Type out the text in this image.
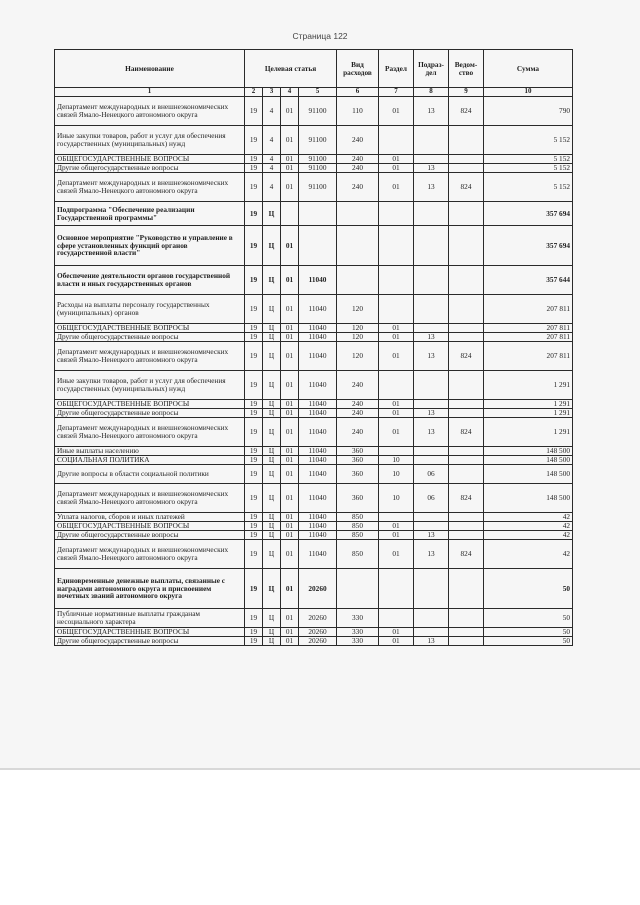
Страница 122
Наименование	Целевая статья				Вид расходов	Раздел	Подраз-дел	Ведом-ство	Сумма
1	2	3	4	5	6	7	8	9	10
Департамент международных и внешнеэкономических связей Ямало-Ненецкого автономного округа	19	4	01	91100	110	01	13	824	790
Иные закупки товаров, работ и услуг для обеспечения государственных (муниципальных) нужд	19	4	01	91100	240				5 152
ОБЩЕГОСУДАРСТВЕННЫЕ ВОПРОСЫ	19	4	01	91100	240	01			5 152
Другие общегосударственные вопросы	19	4	01	91100	240	01	13		5 152
Департамент международных и внешнеэкономических связей Ямало-Ненецкого автономного округа	19	4	01	91100	240	01	13	824	5 152
Подпрограмма "Обеспечение реализации Государственной программы"	19	Ц							357 694
Основное мероприятие "Руководство и управление в сфере установленных функций органов государственной власти"	19	Ц	01						357 694
Обеспечение деятельности органов государственной власти и иных государственных органов	19	Ц	01	11040					357 644
Расходы на выплаты персоналу государственных (муниципальных) органов	19	Ц	01	11040	120				207 811
ОБЩЕГОСУДАРСТВЕННЫЕ ВОПРОСЫ	19	Ц	01	11040	120	01			207 811
Другие общегосударственные вопросы	19	Ц	01	11040	120	01	13		207 811
Департамент международных и внешнеэкономических связей Ямало-Ненецкого автономного округа	19	Ц	01	11040	120	01	13	824	207 811
Иные закупки товаров, работ и услуг для обеспечения государственных (муниципальных) нужд	19	Ц	01	11040	240				1 291
ОБЩЕГОСУДАРСТВЕННЫЕ ВОПРОСЫ	19	Ц	01	11040	240	01			1 291
Другие общегосударственные вопросы	19	Ц	01	11040	240	01	13		1 291
Департамент международных и внешнеэкономических связей Ямало-Ненецкого автономного округа	19	Ц	01	11040	240	01	13	824	1 291
Иные выплаты населению	19	Ц	01	11040	360				148 500
СОЦИАЛЬНАЯ ПОЛИТИКА	19	Ц	01	11040	360	10			148 500
Другие вопросы в области социальной политики	19	Ц	01	11040	360	10	06		148 500
Департамент международных и внешнеэкономических связей Ямало-Ненецкого автономного округа	19	Ц	01	11040	360	10	06	824	148 500
Уплата налогов, сборов и иных платежей	19	Ц	01	11040	850				42
ОБЩЕГОСУДАРСТВЕННЫЕ ВОПРОСЫ	19	Ц	01	11040	850	01			42
Другие общегосударственные вопросы	19	Ц	01	11040	850	01	13		42
Департамент международных и внешнеэкономических связей Ямало-Ненецкого автономного округа	19	Ц	01	11040	850	01	13	824	42
Единовременные денежные выплаты, связанные с наградами автономного округа и присвоением почетных званий автономного округа	19	Ц	01	20260					50
Публичные нормативные выплаты гражданам несоциального характера	19	Ц	01	20260	330				50
ОБЩЕГОСУДАРСТВЕННЫЕ ВОПРОСЫ	19	Ц	01	20260	330	01			50
Другие общегосударственные вопросы	19	Ц	01	20260	330	01	13		50
